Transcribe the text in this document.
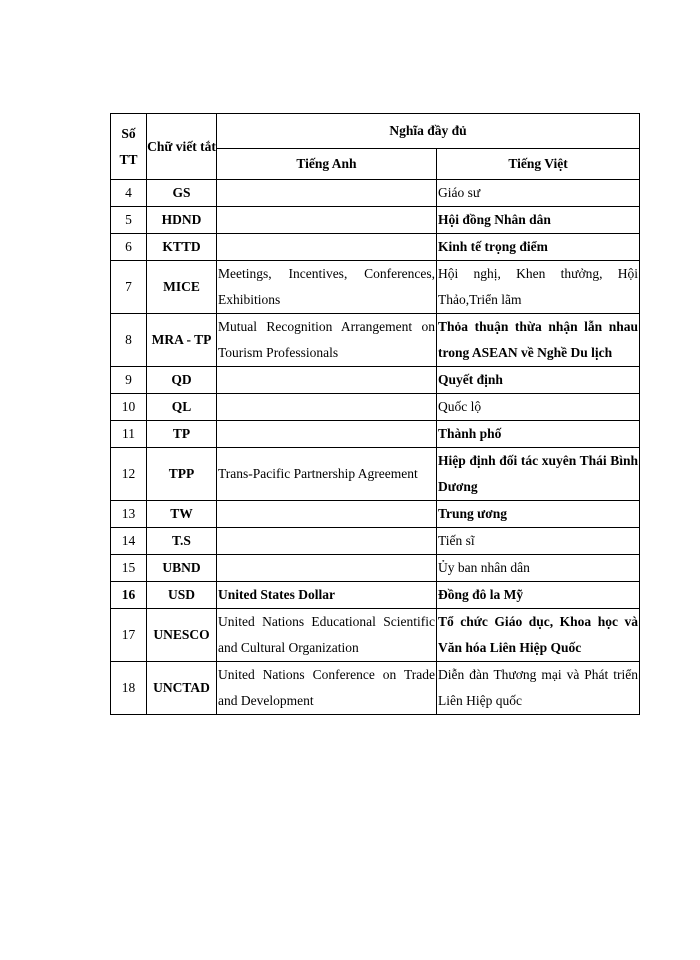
Số TT	Chữ viết tắt	Nghĩa đầy đủ	
		Tiếng Anh	Tiếng Việt
4	GS		Giáo sư
5	HDND		Hội đồng Nhân dân
6	KTTD		Kinh tế trọng điểm
7	MICE	Meetings, Incentives, Conferences, Exhibitions	Hội nghị, Khen thưởng, Hội Thảo,Triển lãm
8	MRA - TP	Mutual Recognition Arrangement on Tourism Professionals	Thỏa thuận thừa nhận lẫn nhau trong ASEAN về Nghề Du lịch
9	QD		Quyết định
10	QL		Quốc lộ
11	TP		Thành phố
12	TPP	Trans-Pacific Partnership Agreement	Hiệp định đối tác xuyên Thái Bình Dương
13	TW		Trung ương
14	T.S		Tiến sĩ
15	UBND		Ủy ban nhân dân
16	USD	United States Dollar	Đồng đô la Mỹ
17	UNESCO	United Nations Educational Scientific and Cultural Organization	Tổ chức Giáo dục, Khoa học và Văn hóa Liên Hiệp Quốc
18	UNCTAD	United Nations Conference on Trade and Development	Diễn đàn Thương mại và Phát triển Liên Hiệp quốc
